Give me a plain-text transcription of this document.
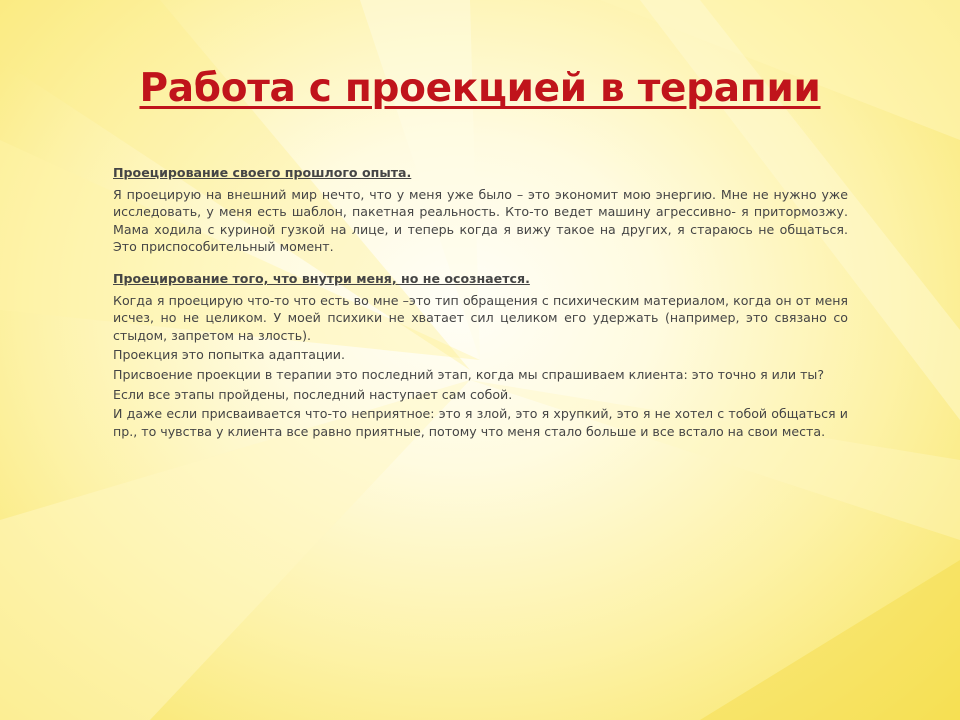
Работа с проекцией в терапии

Проецирование своего прошлого опыта.

Я проецирую на внешний мир нечто, что у меня уже было – это экономит мою энергию. Мне не нужно уже исследовать, у меня есть шаблон, пакетная реальность. Кто-то ведет машину агрессивно- я притормозжу. Мама ходила с куриной гузкой на лице, и теперь когда я вижу такое на других, я стараюсь не общаться. Это приспособительный момент.

Проецирование того, что внутри меня, но не осознается.

Когда я проецирую что-то что есть во мне –это тип обращения с психическим материалом, когда он от меня исчез, но не целиком. У моей психики не хватает сил целиком его удержать (например, это связано со стыдом, запретом на злость).

Проекция это попытка адаптации.

Присвоение проекции в терапии это последний этап, когда мы спрашиваем клиента: это точно я или ты?

Если все этапы пройдены, последний наступает сам собой.

И даже если присваивается что-то неприятное: это я злой, это я хрупкий, это я не хотел с тобой общаться и пр., то чувства у клиента все равно приятные, потому что меня стало больше и все встало на свои места.
